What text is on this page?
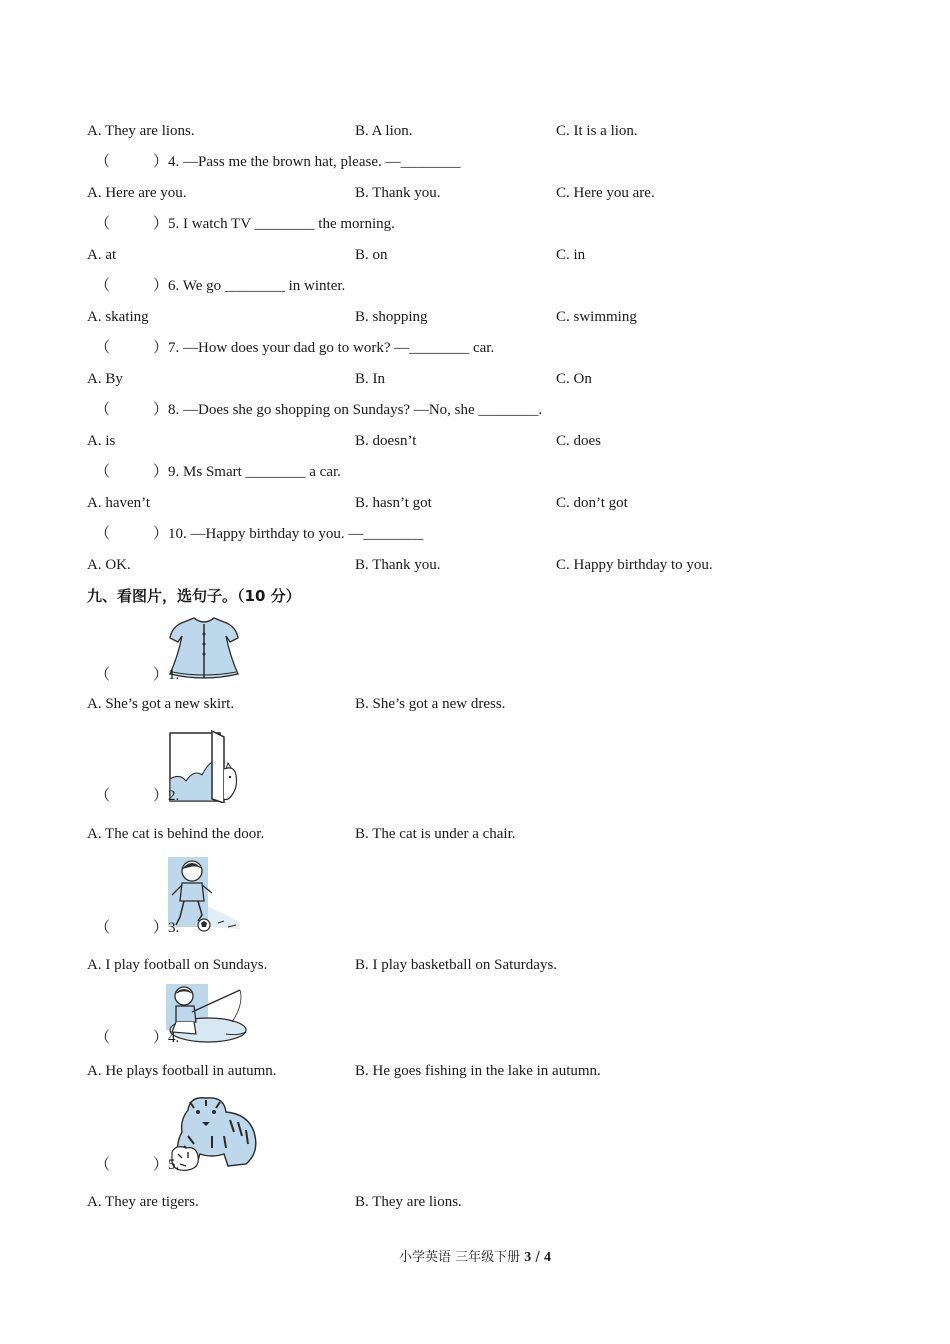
A. They are lions.	B. A lion.	C. It is a lion.
（	）4. —Pass me the brown hat, please. —________
A. Here are you.	B. Thank you.	C. Here you are.
（	）5. I watch TV ________ the morning.
A. at	B. on	C. in
（	）6. We go ________ in winter.
A. skating	B. shopping	C. swimming
（	）7. —How does your dad go to work? —________ car.
A. By	B. In	C. On
（	）8. —Does she go shopping on Sundays? —No, she ________.
A. is	B. doesn’t	C. does
（	）9. Ms Smart ________ a car.
A. haven’t	B. hasn’t got	C. don’t got
（	）10. —Happy birthday to you. —________
A. OK.	B. Thank you.	C. Happy birthday to you.
九、看图片，选句子。（10 分）
（	）1.
A. She’s got a new skirt.	B. She’s got a new dress.
（	）2.
A. The cat is behind the door.	B. The cat is under a chair.
（	）3.
A. I play football on Sundays.	B. I play basketball on Saturdays.
（	）4.
A. He plays football in autumn.	B. He goes fishing in the lake in autumn.
（	）5.
A. They are tigers.	B. They are lions.
小学英语 三年级下册 3 / 4
